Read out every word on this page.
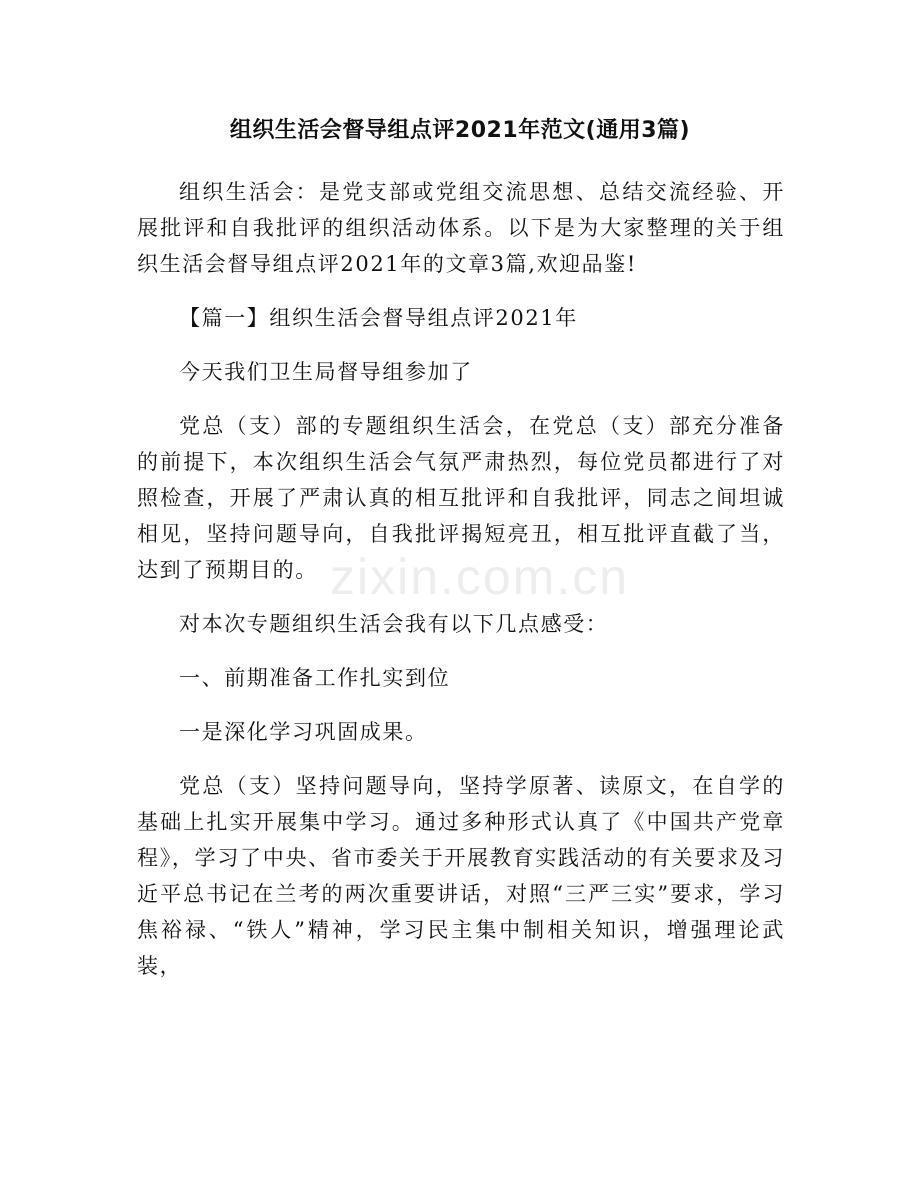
组织生活会督导组点评2021年范文(通用3篇)
zixin.com.cn

组织生活会：是党支部或党组交流思想、总结交流经验、开展批评和自我批评的组织活动体系。以下是为大家整理的关于组织生活会督导组点评2021年的文章3篇,欢迎品鉴!

【篇一】组织生活会督导组点评2021年

今天我们卫生局督导组参加了

党总（支）部的专题组织生活会，在党总（支）部充分准备的前提下，本次组织生活会气氛严肃热烈，每位党员都进行了对照检查，开展了严肃认真的相互批评和自我批评，同志之间坦诚相见，坚持问题导向，自我批评揭短亮丑，相互批评直截了当，达到了预期目的。

对本次专题组织生活会我有以下几点感受：

一、前期准备工作扎实到位

一是深化学习巩固成果。

党总（支）坚持问题导向，坚持学原著、读原文，在自学的基础上扎实开展集中学习。通过多种形式认真了《中国共产党章程》，学习了中央、省市委关于开展教育实践活动的有关要求及习近平总书记在兰考的两次重要讲话，对照“三严三实”要求，学习焦裕禄、“铁人”精神，学习民主集中制相关知识，增强理论武装，
